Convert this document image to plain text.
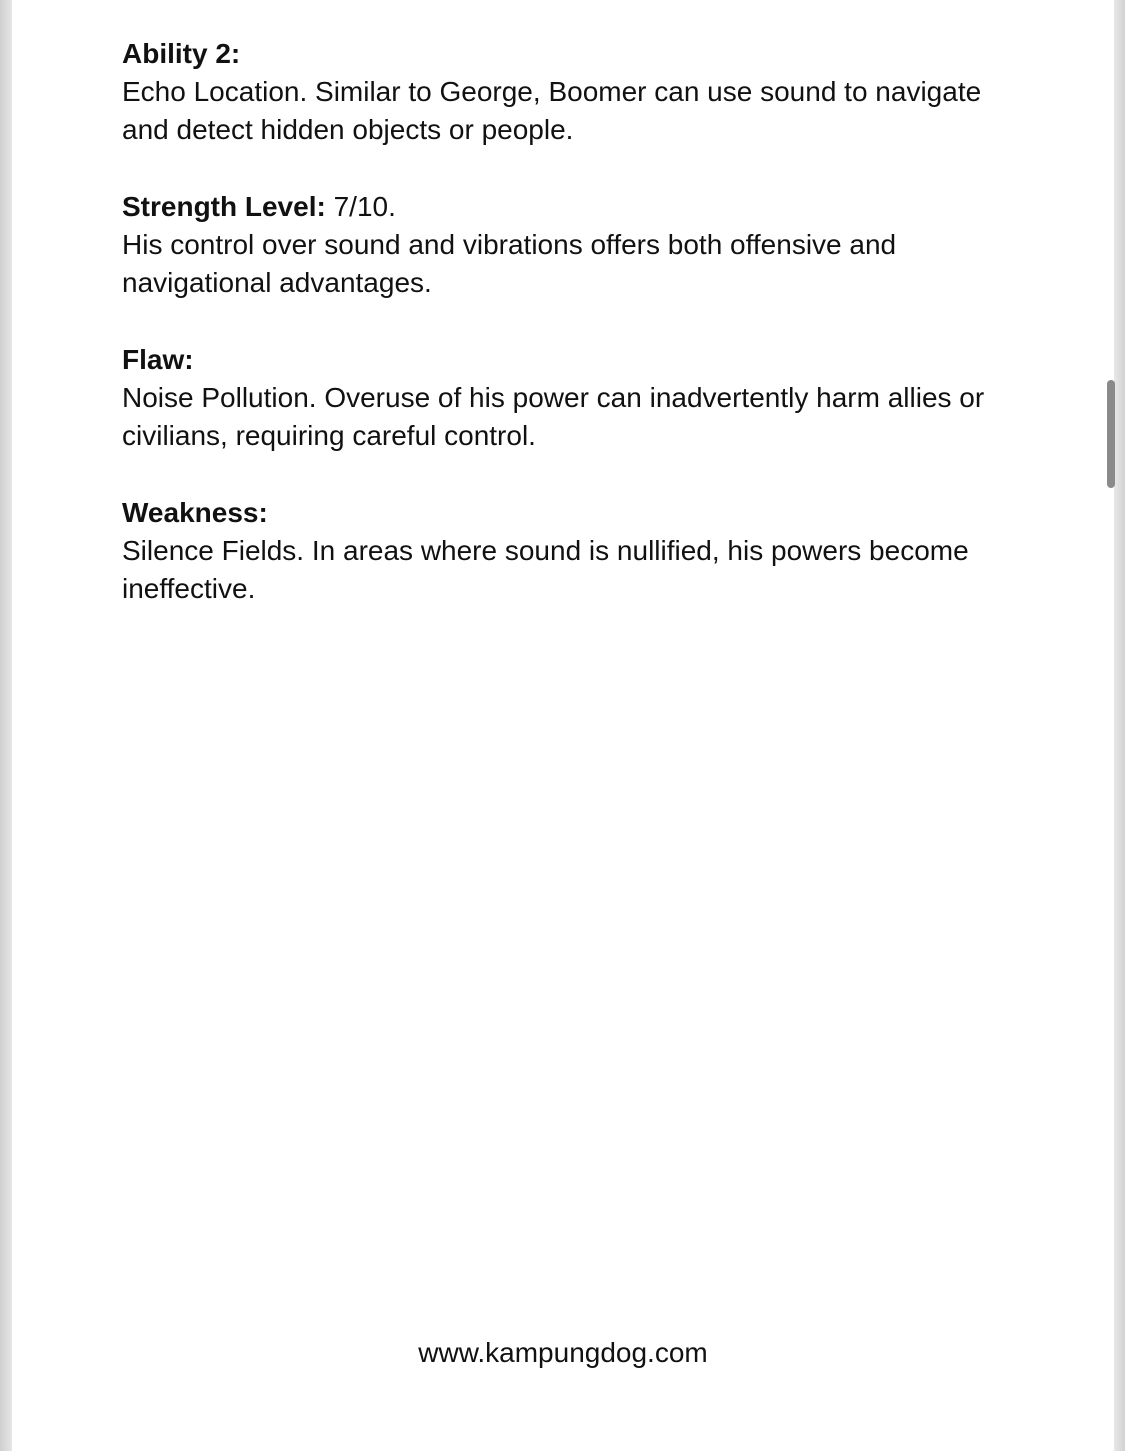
Ability 2:

Echo Location. Similar to George, Boomer can use sound to navigate and detect hidden objects or people.

Strength Level: 7/10.

His control over sound and vibrations offers both offensive and navigational advantages.

Flaw:

Noise Pollution. Overuse of his power can inadvertently harm allies or civilians, requiring careful control.

Weakness:

Silence Fields. In areas where sound is nullified, his powers become ineffective.

www.kampungdog.com
